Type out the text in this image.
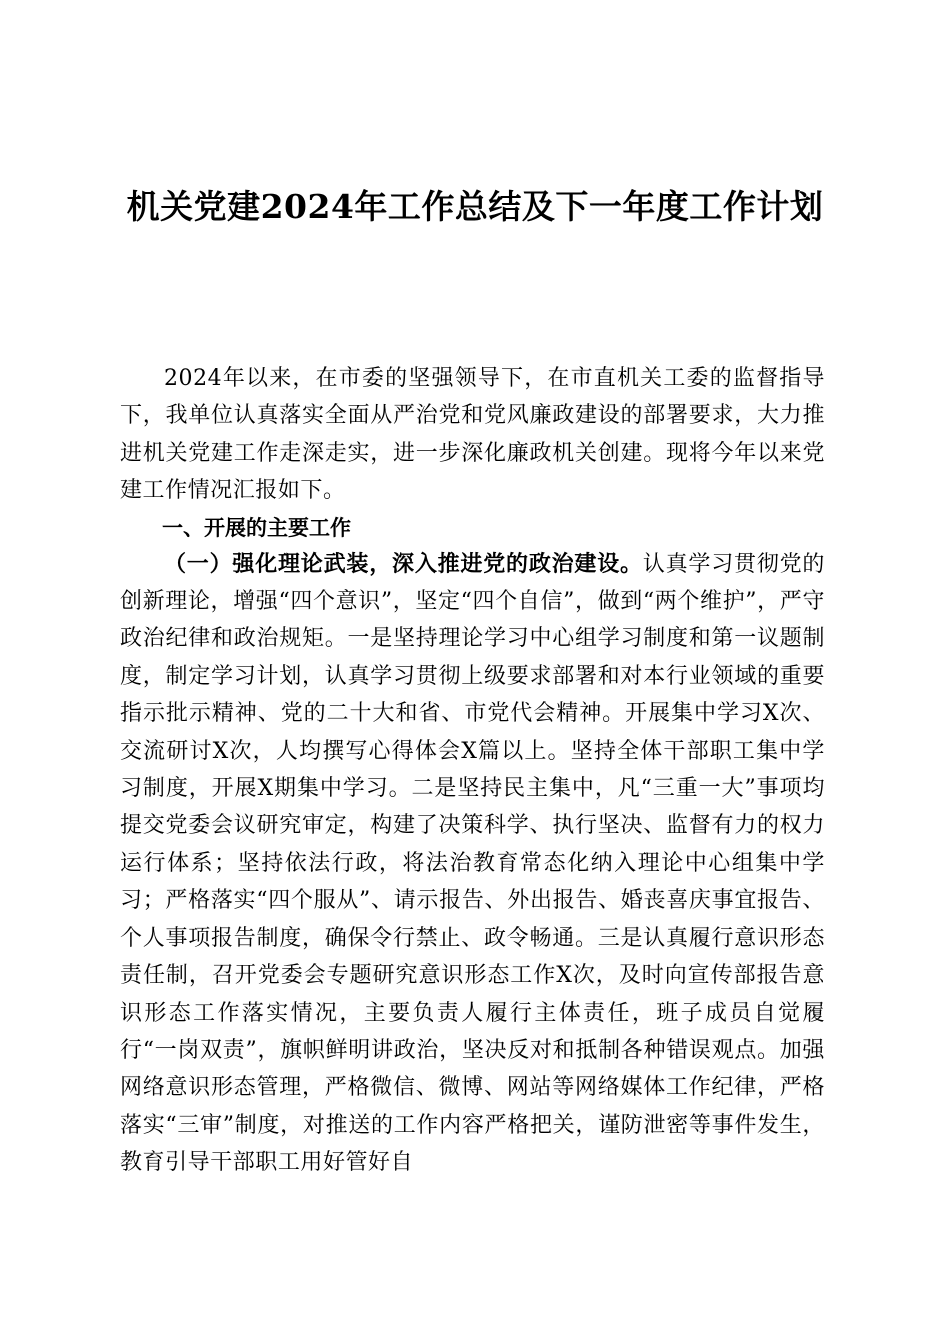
机关党建2024年工作总结及下一年度工作计划

2024年以来，在市委的坚强领导下，在市直机关工委的监督指导下，我单位认真落实全面从严治党和党风廉政建设的部署要求，大力推进机关党建工作走深走实，进一步深化廉政机关创建。现将今年以来党建工作情况汇报如下。

一、开展的主要工作

（一）强化理论武装，深入推进党的政治建设。认真学习贯彻党的创新理论，增强“四个意识”，坚定“四个自信”，做到“两个维护”，严守政治纪律和政治规矩。一是坚持理论学习中心组学习制度和第一议题制度，制定学习计划，认真学习贯彻上级要求部署和对本行业领域的重要指示批示精神、党的二十大和省、市党代会精神。开展集中学习X次、交流研讨X次，人均撰写心得体会X篇以上。坚持全体干部职工集中学习制度，开展X期集中学习。二是坚持民主集中，凡“三重一大”事项均提交党委会议研究审定，构建了决策科学、执行坚决、监督有力的权力运行体系；坚持依法行政，将法治教育常态化纳入理论中心组集中学习；严格落实“四个服从”、请示报告、外出报告、婚丧喜庆事宜报告、个人事项报告制度，确保令行禁止、政令畅通。三是认真履行意识形态责任制，召开党委会专题研究意识形态工作X次，及时向宣传部报告意识形态工作落实情况，主要负责人履行主体责任，班子成员自觉履行“一岗双责”，旗帜鲜明讲政治，坚决反对和抵制各种错误观点。加强网络意识形态管理，严格微信、微博、网站等网络媒体工作纪律，严格落实“三审”制度，对推送的工作内容严格把关，谨防泄密等事件发生，教育引导干部职工用好管好自
